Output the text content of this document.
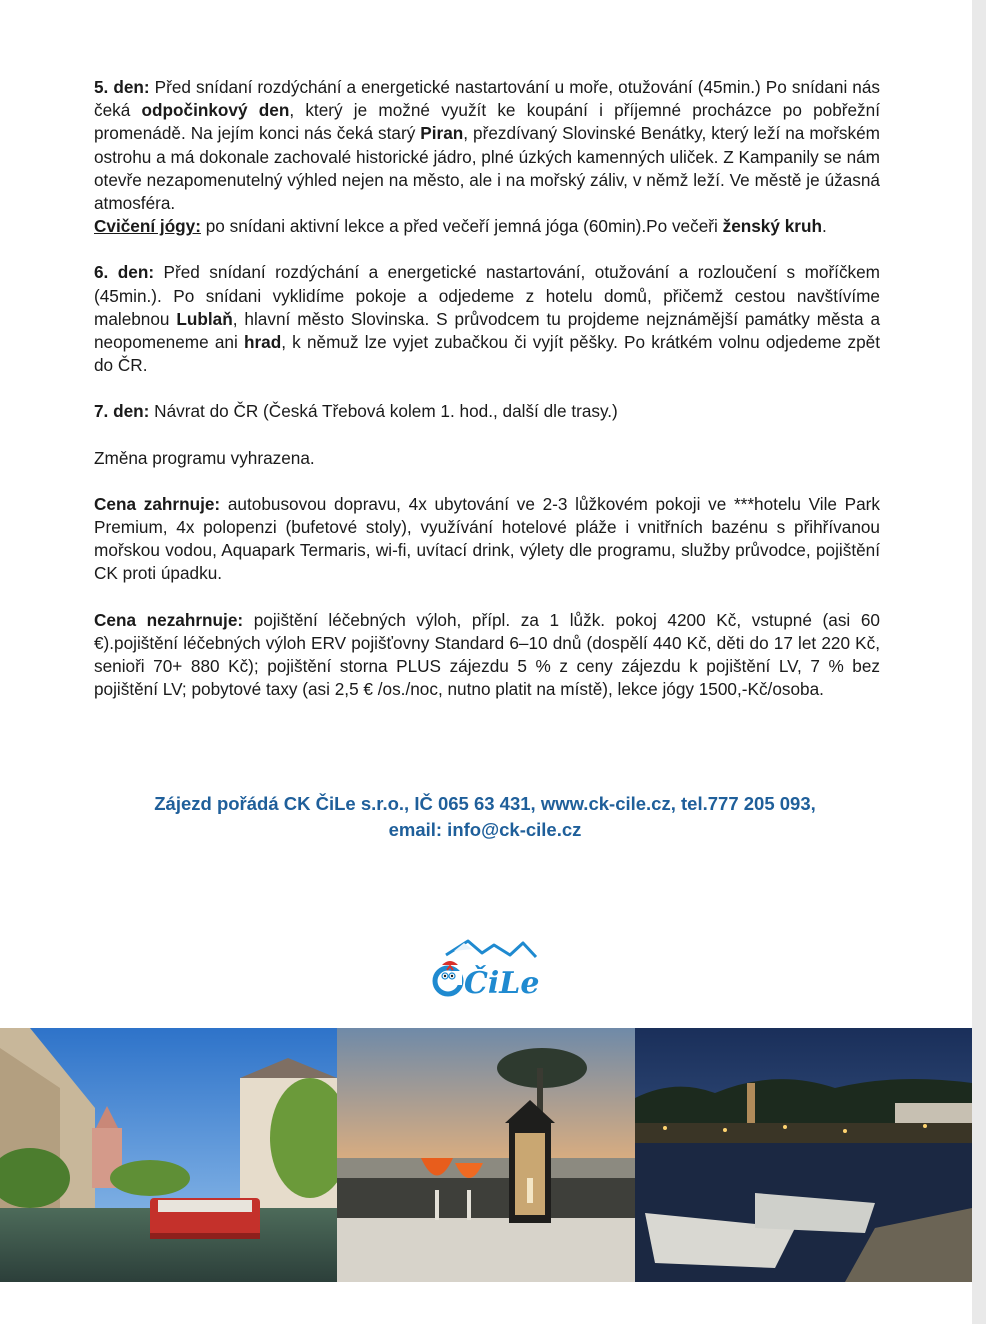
5. den: Před snídaní rozdýchání a energetické nastartování u moře, otužování (45min.) Po snídani nás čeká odpočinkový den, který je možné využít ke koupání i příjemné procházce po pobřežní promenádě. Na jejím konci nás čeká starý Piran, přezdívaný Slovinské Benátky, který leží na mořském ostrohu a má dokonale zachovalé historické jádro, plné úzkých kamenných uliček. Z Kampanily se nám otevře nezapomenutelný výhled nejen na město, ale i na mořský záliv, v němž leží. Ve městě je úžasná atmosféra.
Cvičení jógy: po snídani aktivní lekce a před večeří jemná jóga (60min).Po večeři ženský kruh.

6. den: Před snídaní rozdýchání a energetické nastartování, otužování a rozloučení s moříčkem (45min.). Po snídani vyklidíme pokoje a odjedeme z hotelu domů, přičemž cestou navštívíme malebnou Lublaň, hlavní město Slovinska. S průvodcem tu projdeme nejznámější památky města a neopomeneme ani hrad, k němuž lze vyjet zubačkou či vyjít pěšky. Po krátkém volnu odjedeme zpět do ČR.

7. den: Návrat do ČR (Česká Třebová kolem 1. hod., další dle trasy.)

Změna programu vyhrazena.

Cena zahrnuje: autobusovou dopravu, 4x ubytování ve 2-3 lůžkovém pokoji ve ***hotelu Vile Park Premium, 4x polopenzi (bufetové stoly), využívání hotelové pláže i vnitřních bazénu s přihřívanou mořskou vodou, Aquapark Termaris, wi-fi, uvítací drink, výlety dle programu, služby průvodce, pojištění CK proti úpadku.

Cena nezahrnuje: pojištění léčebných výloh, přípl. za 1 lůžk. pokoj 4200 Kč, vstupné (asi 60 €).pojištění léčebných výloh ERV pojišťovny Standard 6–10 dnů (dospělí 440 Kč, děti do 17 let 220 Kč, senioři 70+ 880 Kč); pojištění storna PLUS zájezdu 5 % z ceny zájezdu k pojištění LV, 7 % bez pojištění LV; pobytové taxy (asi 2,5 € /os./noc, nutno platit na místě), lekce jógy 1500,-Kč/osoba.

Zájezd pořádá CK ČiLe s.r.o., IČ 065 63 431, www.ck-cile.cz, tel.777 205 093,
email: info@ck-cile.cz
ČiLe
